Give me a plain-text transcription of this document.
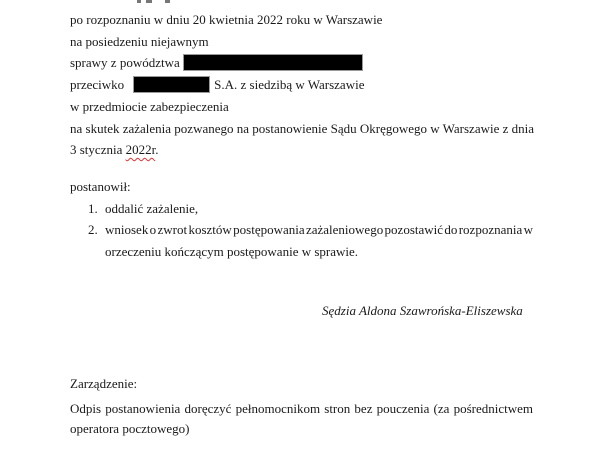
po rozpoznaniu w dniu 20 kwietnia 2022 roku w Warszawie
na posiedzeniu niejawnym
sprawy z powództwa
przeciwko	S.A. z siedzibą w Warszawie
w przedmiocie zabezpieczenia
na skutek zażalenia pozwanego na postanowienie Sądu Okręgowego w Warszawie z dnia
3 stycznia 2022r.
postanowił:
1. oddalić zażalenie,
2. wniosek o zwrot kosztów postępowania zażaleniowego pozostawić do rozpoznania w
orzeczeniu kończącym postępowanie w sprawie.
Sędzia Aldona Szawrońska-Eliszewska
Zarządzenie:
Odpis postanowienia doręczyć pełnomocnikom stron bez pouczenia (za pośrednictwem
operatora pocztowego)
